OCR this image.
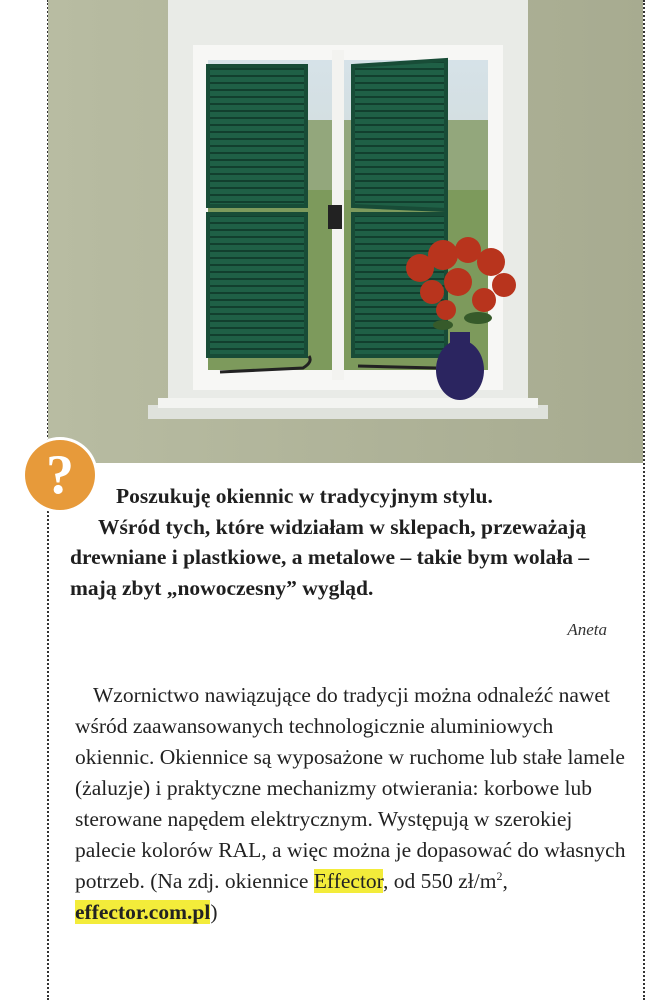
?	Poszukuję okiennic w tradycyjnym stylu.

Wśród tych, które widziałam w sklepach, przeważają drewniane i plastkiowe, a metalowe – takie bym wolała – mają zbyt „nowoczesny” wygląd.

Aneta

Wzornictwo nawiązujące do tradycji można odnaleźć nawet wśród zaawansowanych technologicznie aluminiowych okiennic. Okiennice są wyposażone w ruchome lub stałe lamele (żaluzje) i praktyczne mechanizmy otwierania: korbowe lub sterowane napędem elektrycznym. Występują w szerokiej palecie kolorów RAL, a więc można je dopasować do własnych potrzeb. (Na zdj. okiennice Effector, od 550 $zł/m^2$, effector.com.pl)
